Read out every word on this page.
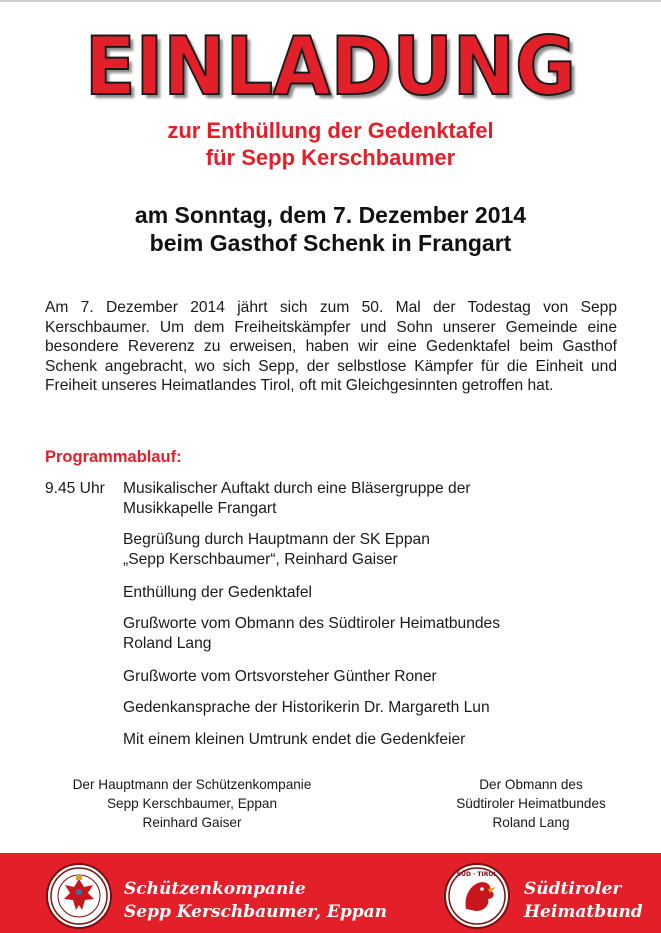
EINLADUNG
zur Enthüllung der Gedenktafel
für Sepp Kerschbaumer
am Sonntag, dem 7. Dezember 2014
beim Gasthof Schenk in Frangart
Am 7. Dezember 2014 jährt sich zum 50. Mal der Todestag von Sepp Kerschbaumer. Um dem Freiheitskämpfer und Sohn unserer Gemeinde eine besondere Reverenz zu erweisen, haben wir eine Gedenktafel beim Gasthof Schenk angebracht, wo sich Sepp, der selbstlose Kämpfer für die Einheit und Freiheit unseres Heimatlandes Tirol, oft mit Gleichgesinnten getroffen hat.
Programmablauf:
9.45 Uhr Musikalischer Auftakt durch eine Bläsergruppe der
Musikkapelle Frangart
Begrüßung durch Hauptmann der SK Eppan
„Sepp Kerschbaumer“, Reinhard Gaiser
Enthüllung der Gedenktafel
Grußworte vom Obmann des Südtiroler Heimatbundes
Roland Lang
Grußworte vom Ortsvorsteher Günther Roner
Gedenkansprache der Historikerin Dr. Margareth Lun
Mit einem kleinen Umtrunk endet die Gedenkfeier
Der Hauptmann der Schützenkompanie
Sepp Kerschbaumer, Eppan
Reinhard Gaiser
Der Obmann des
Südtiroler Heimatbundes
Roland Lang
Schützenkompanie
Sepp Kerschbaumer, Eppan
SÜD · TIROL
Südtiroler
Heimatbund
